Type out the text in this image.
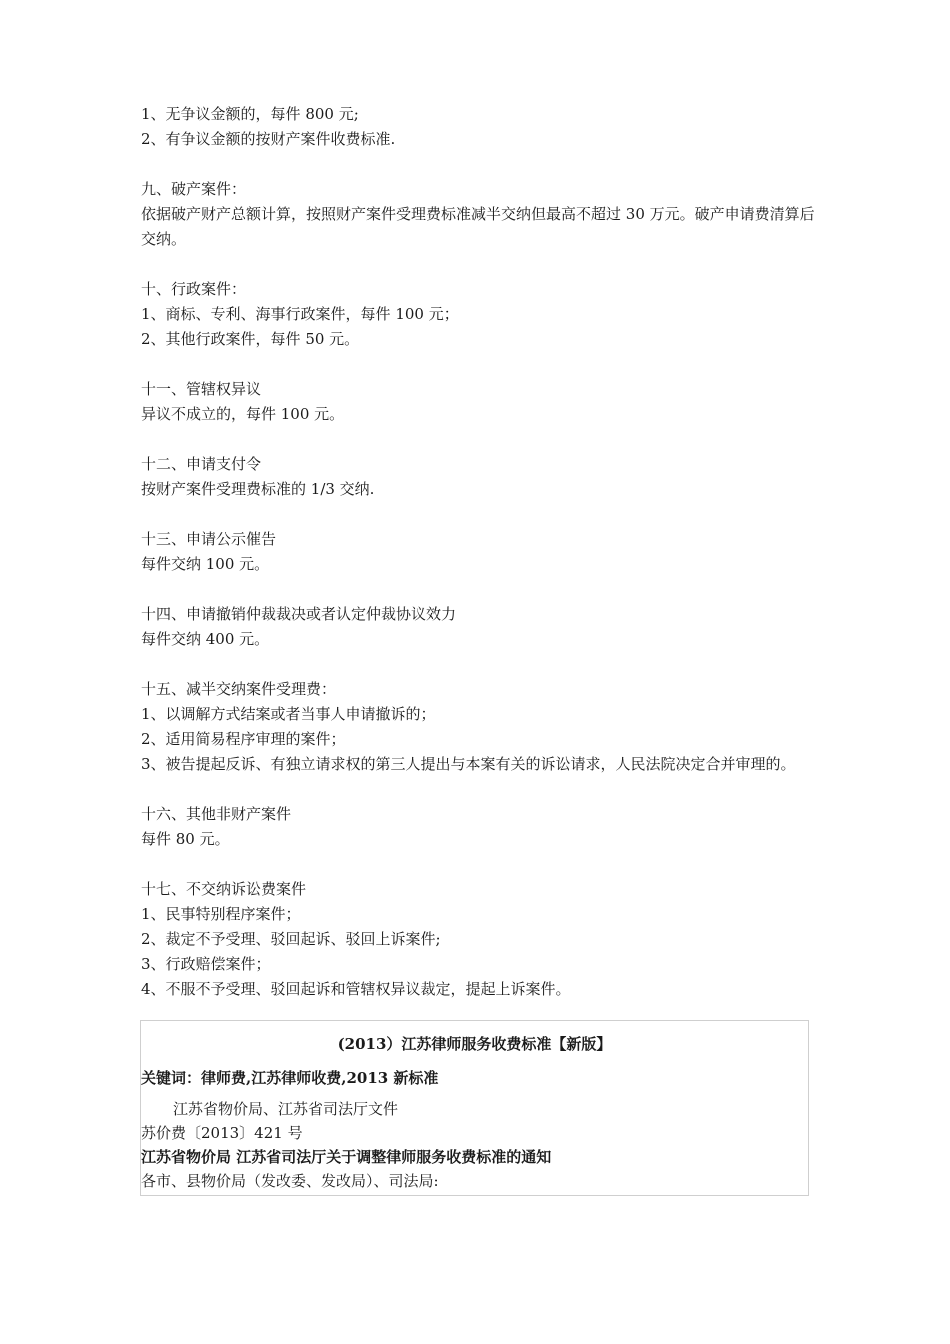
1、无争议金额的，每件 800 元;
2、有争议金额的按财产案件收费标准.
九、破产案件：
依据破产财产总额计算，按照财产案件受理费标准减半交纳但最高不超过 30 万元。破产申请费清算后交纳。
十、行政案件：
1、商标、专利、海事行政案件，每件 100 元；
2、其他行政案件，每件 50 元。
十一、管辖权异议
异议不成立的，每件 100 元。
十二、申请支付令
按财产案件受理费标准的 1/3 交纳.
十三、申请公示催告
每件交纳 100 元。
十四、申请撤销仲裁裁决或者认定仲裁协议效力
每件交纳 400 元。
十五、减半交纳案件受理费：
1、以调解方式结案或者当事人申请撤诉的；
2、适用简易程序审理的案件；
3、被告提起反诉、有独立请求权的第三人提出与本案有关的诉讼请求，人民法院决定合并审理的。
十六、其他非财产案件
每件 80 元。
十七、不交纳诉讼费案件
1、民事特别程序案件；
2、裁定不予受理、驳回起诉、驳回上诉案件;
3、行政赔偿案件；
4、不服不予受理、驳回起诉和管辖权异议裁定，提起上诉案件。
(2013）江苏律师服务收费标准【新版】
关键词：律师费,江苏律师收费,2013 新标准
江苏省物价局、江苏省司法厅文件
苏价费〔2013〕421 号
江苏省物价局 江苏省司法厅关于调整律师服务收费标准的通知
各市、县物价局（发改委、发改局）、司法局:
